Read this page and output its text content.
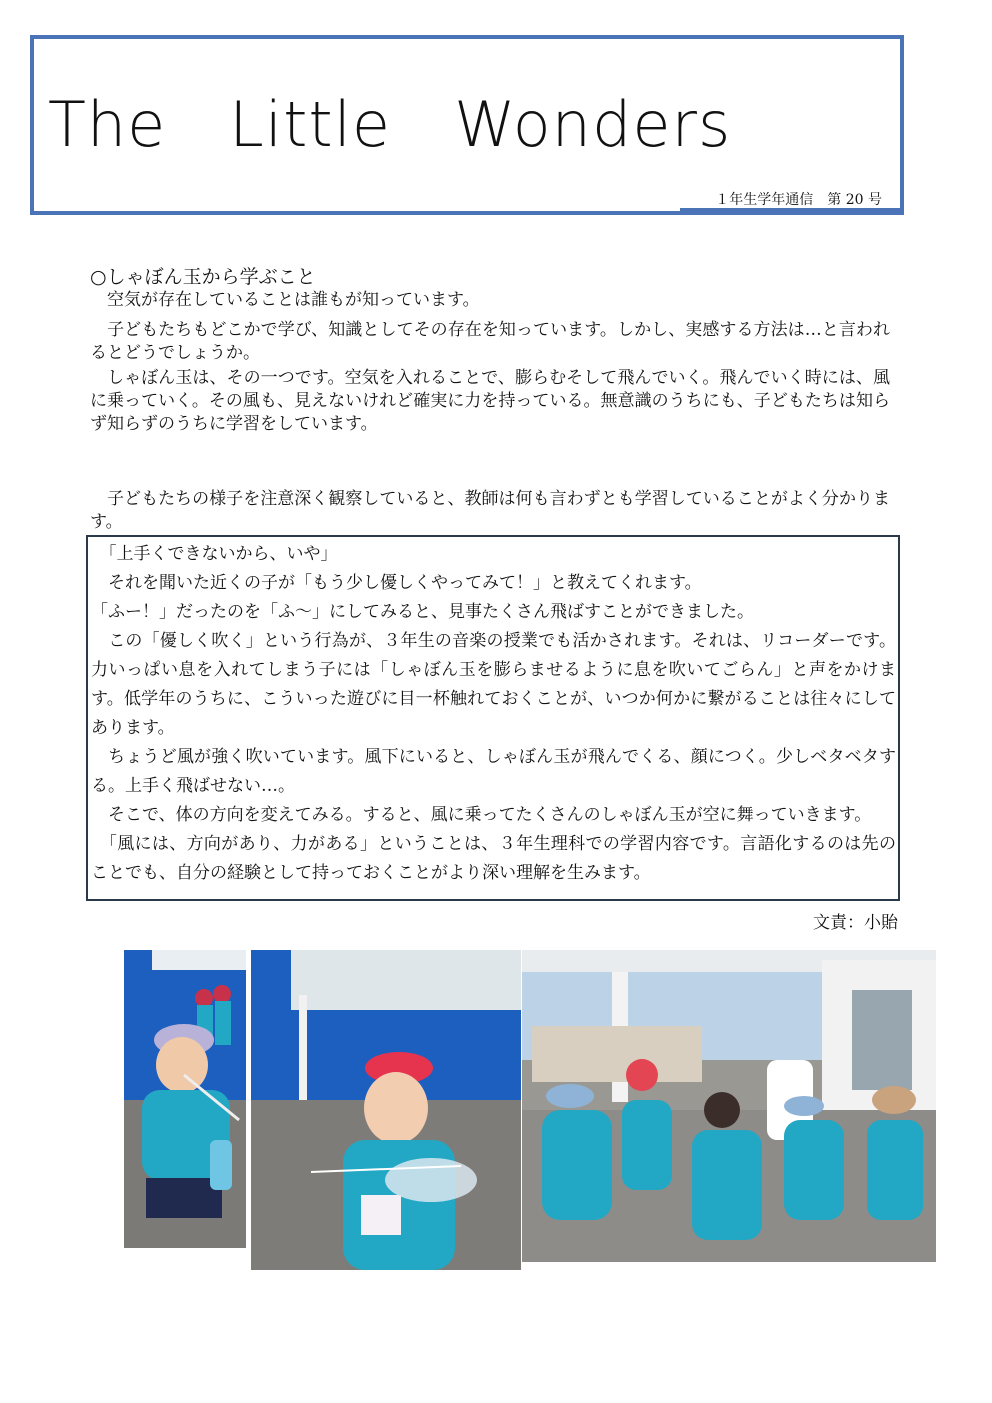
The　Little　Wonders
１年生学年通信　第 20 号
○しゃぼん玉から学ぶこと

　空気が存在していることは誰もが知っています。

　子どもたちもどこかで学び、知識としてその存在を知っています。しかし、実感する方法は…と言われるとどうでしょうか。

　しゃぼん玉は、その一つです。空気を入れることで、膨らむそして飛んでいく。飛んでいく時には、風に乗っていく。その風も、見えないけれど確実に力を持っている。無意識のうちにも、子どもたちは知らず知らずのうちに学習をしています。

　子どもたちの様子を注意深く観察していると、教師は何も言わずとも学習していることがよく分かります。

　「上手くできないから、いや」

　それを聞いた近くの子が「もう少し優しくやってみて！」と教えてくれます。

「ふー！」だったのを「ふ～」にしてみると、見事たくさん飛ばすことができました。

　この「優しく吹く」という行為が、３年生の音楽の授業でも活かされます。それは、リコーダーです。力いっぱい息を入れてしまう子には「しゃぼん玉を膨らませるように息を吹いてごらん」と声をかけます。低学年のうちに、こういった遊びに目一杯触れておくことが、いつか何かに繋がることは往々にしてあります。

　ちょうど風が強く吹いています。風下にいると、しゃぼん玉が飛んでくる、顔につく。少しベタベタする。上手く飛ばせない…。

　そこで、体の方向を変えてみる。すると、風に乗ってたくさんのしゃぼん玉が空に舞っていきます。

　「風には、方向があり、力がある」ということは、３年生理科での学習内容です。言語化するのは先のことでも、自分の経験として持っておくことがより深い理解を生みます。

文責：小貽
